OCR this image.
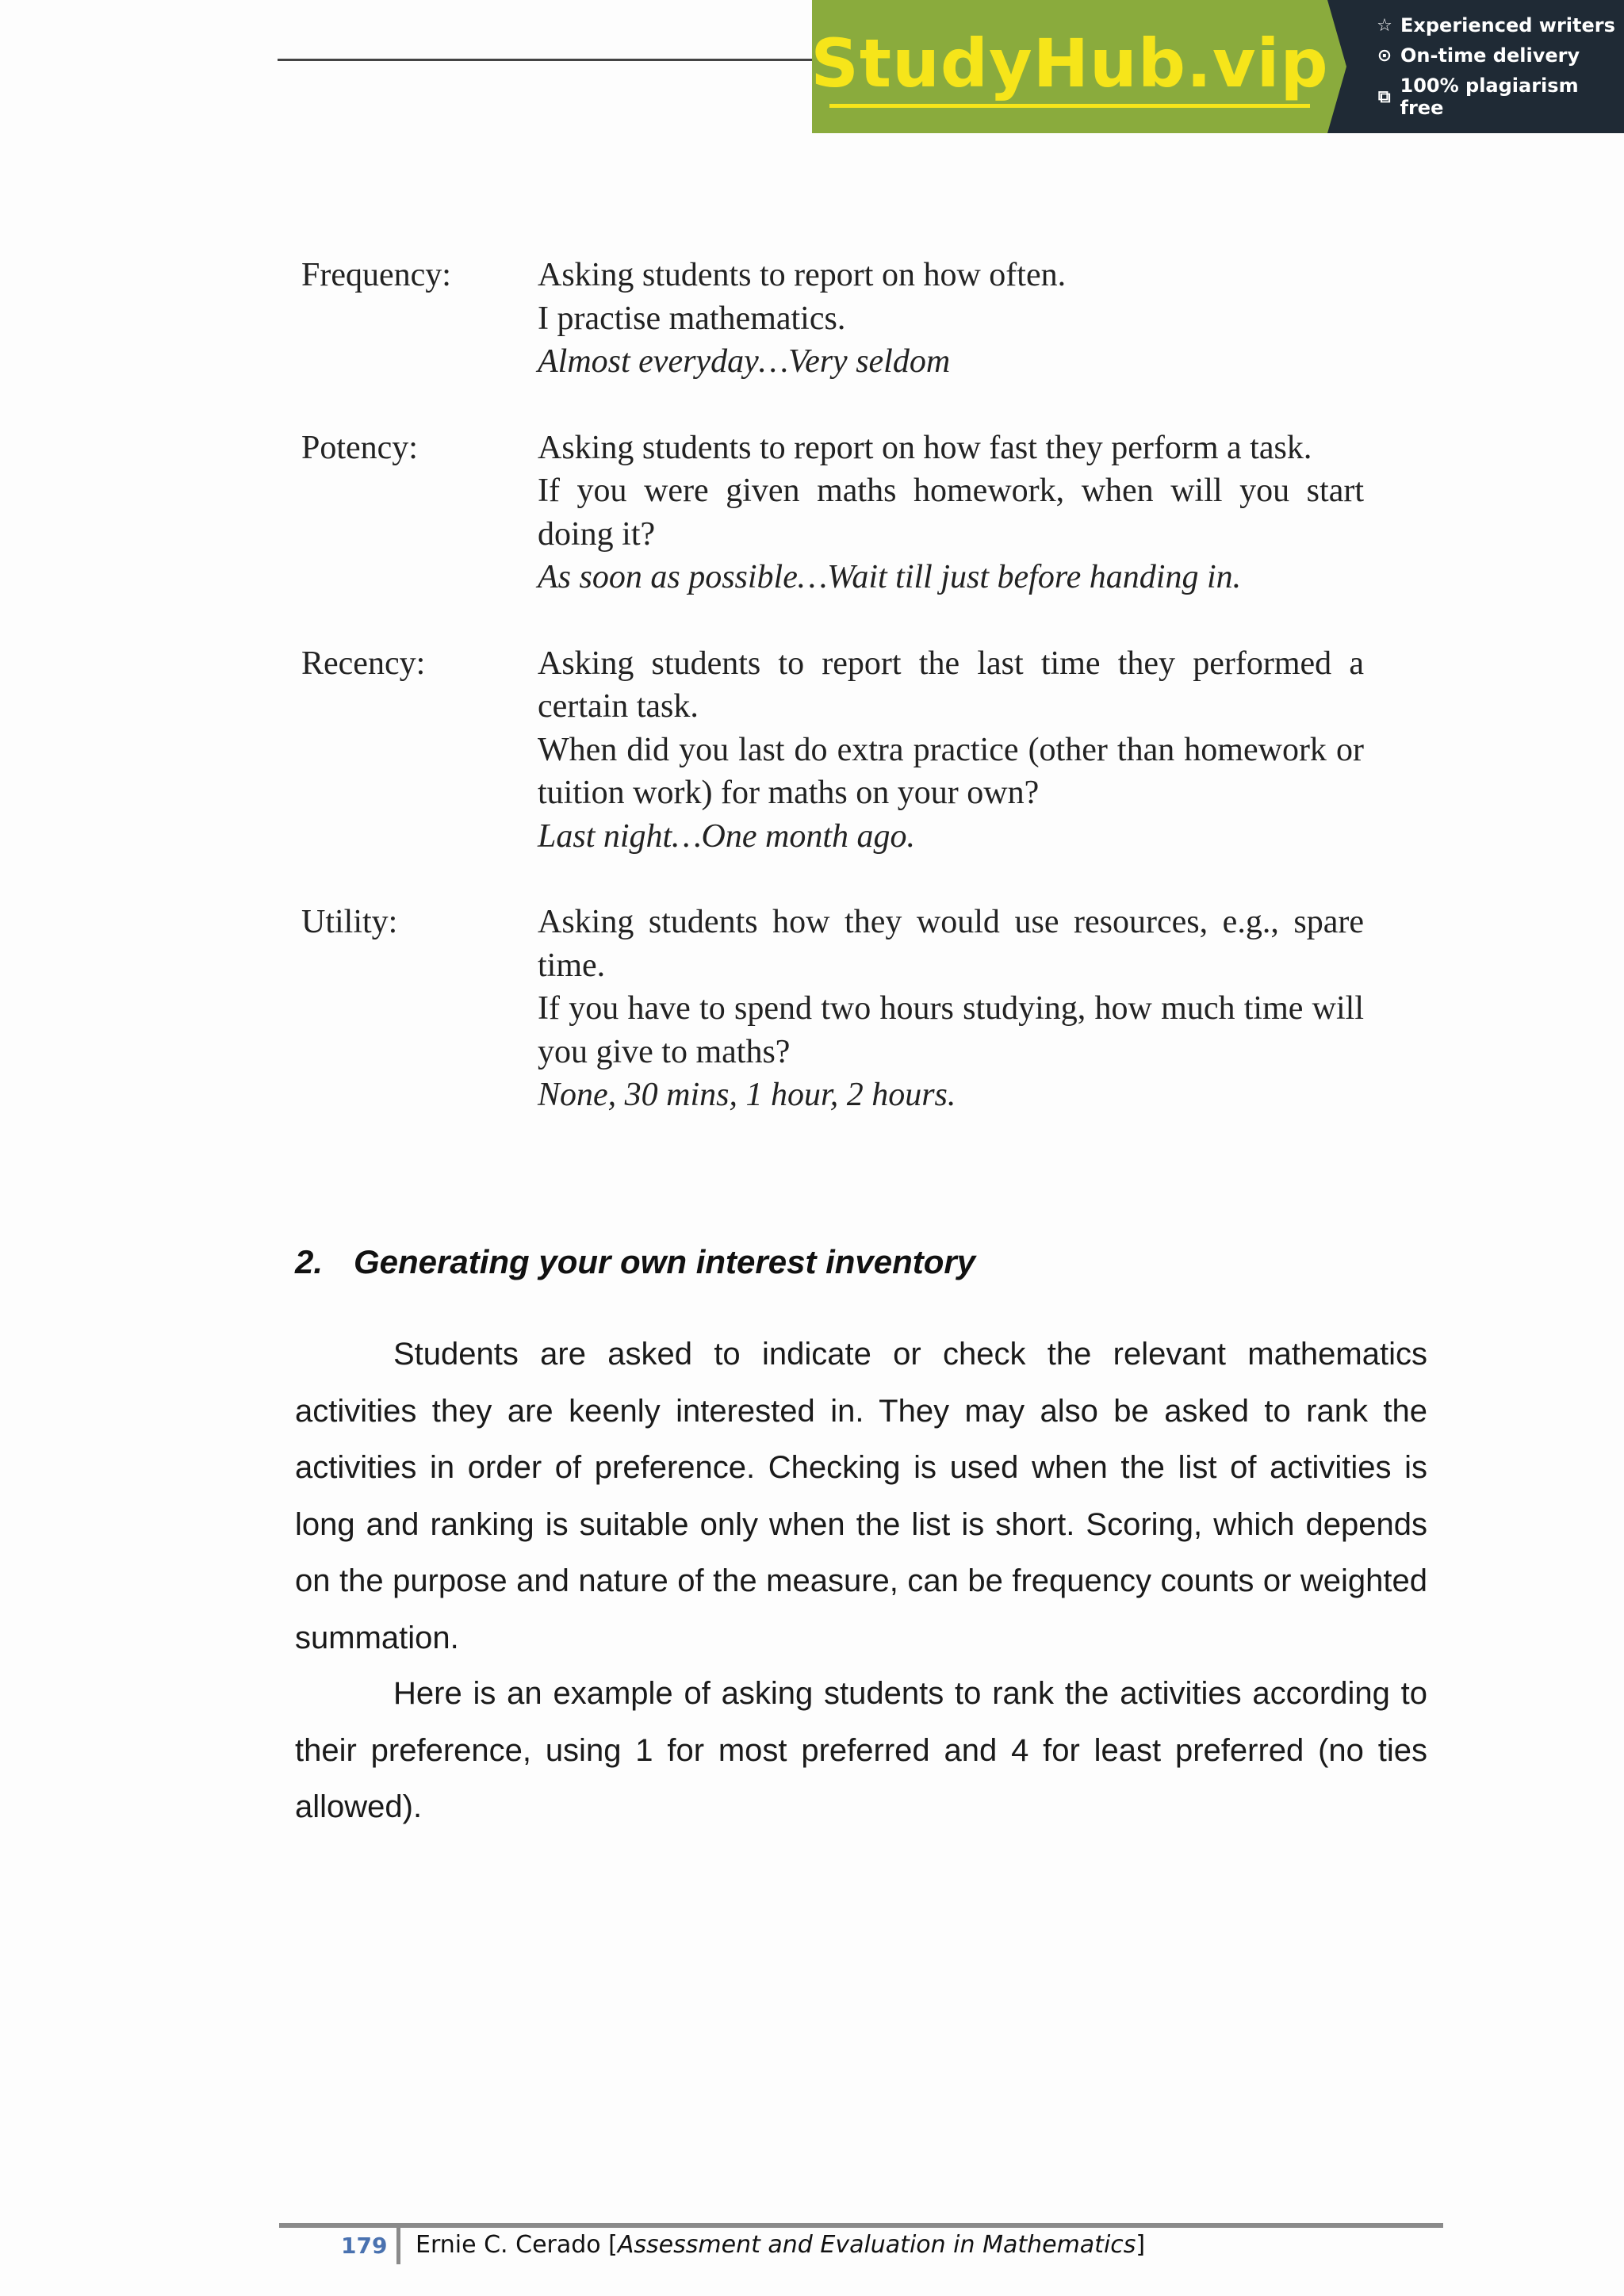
StudyHub.vip	☆ Experienced writers
⊙ On-time delivery
⧉ 100% plagiarism free
Frequency:	Asking students to report on how often.

I practise mathematics.

Almost everyday…Very seldom

Potency:	Asking students to report on how fast they perform a task.

If you were given maths homework, when will you start doing it?

As soon as possible…Wait till just before handing in.

Recency:	Asking students to report the last time they performed a certain task.

When did you last do extra practice (other than homework or tuition work) for maths on your own?

Last night…One month ago.

Utility:	Asking students how they would use resources, e.g., spare time.

If you have to spend two hours studying, how much time will you give to maths?

None, 30 mins, 1 hour, 2 hours.

2. Generating your own interest inventory

Students are asked to indicate or check the relevant mathematics activities they are keenly interested in. They may also be asked to rank the activities in order of preference. Checking is used when the list of activities is long and ranking is suitable only when the list is short. Scoring, which depends on the purpose and nature of the measure, can be frequency counts or weighted summation.

Here is an example of asking students to rank the activities according to their preference, using 1 for most preferred and 4 for least preferred (no ties allowed).

179 Ernie C. Cerado [Assessment and Evaluation in Mathematics]
